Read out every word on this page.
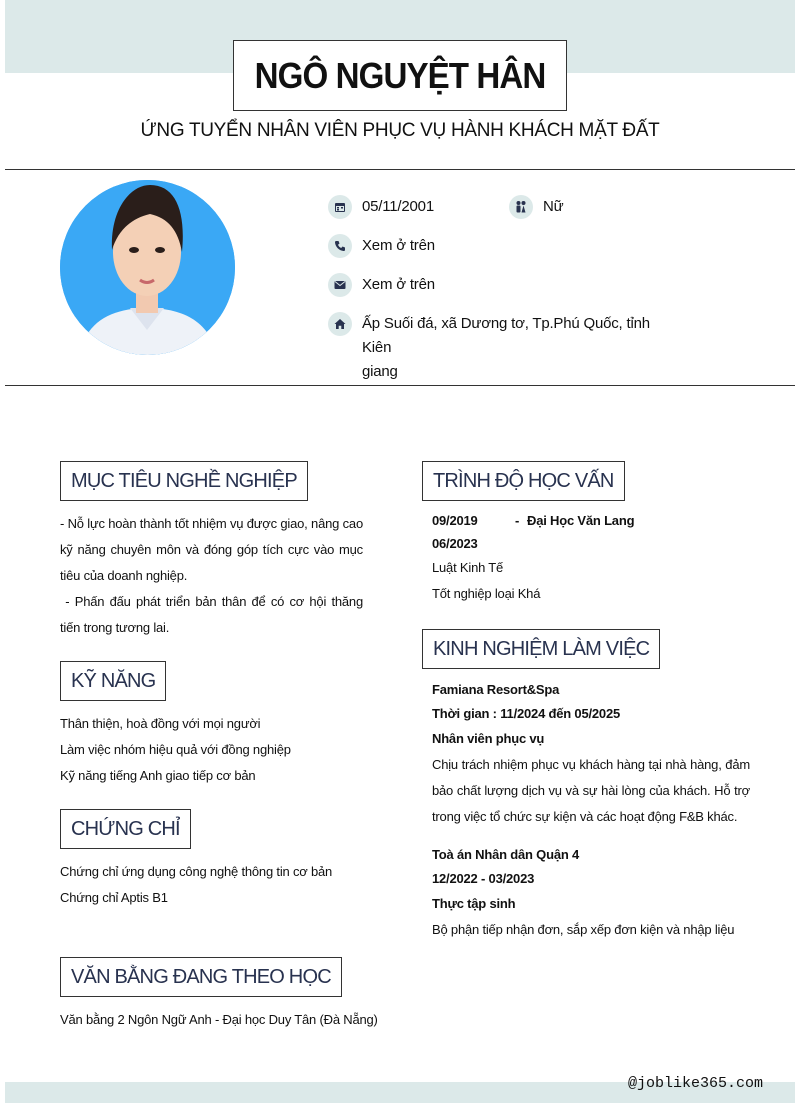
NGÔ NGUYỆT HÂN
ỨNG TUYỂN NHÂN VIÊN PHỤC VỤ HÀNH KHÁCH MẶT ĐẤT
05/11/2001	Nữ
Xem ở trên
Xem ở trên
Ấp Suối đá, xã Dương tơ, Tp.Phú Quốc, tỉnh Kiên
giang
MỤC TIÊU NGHỀ NGHIỆP
- Nỗ lực hoàn thành tốt nhiệm vụ được giao, nâng cao kỹ năng chuyên môn và đóng góp tích cực vào mục tiêu của doanh nghiệp.
- Phấn đấu phát triển bản thân để có cơ hội thăng tiến trong tương lai.
KỸ NĂNG
Thân thiện, hoà đồng với mọi người
Làm việc nhóm hiệu quả với đồng nghiệp
Kỹ năng tiếng Anh giao tiếp cơ bản
CHỨNG CHỈ
Chứng chỉ ứng dụng công nghệ thông tin cơ bản
Chứng chỉ Aptis B1
VĂN BẰNG ĐANG THEO HỌC
Văn bằng 2 Ngôn Ngữ Anh - Đại học Duy Tân (Đà Nẵng)
TRÌNH ĐỘ HỌC VẤN
09/2019	- Đại Học Văn Lang
06/2023
Luật Kinh Tế
Tốt nghiệp loại Khá
KINH NGHIỆM LÀM VIỆC
Famiana Resort&Spa
Thời gian : 11/2024 đến 05/2025
Nhân viên phục vụ
Chịu trách nhiệm phục vụ khách hàng tại nhà hàng, đảm bảo chất lượng dịch vụ và sự hài lòng của khách. Hỗ trợ trong việc tổ chức sự kiện và các hoạt động F&B khác.
Toà án Nhân dân Quận 4
12/2022 - 03/2023
Thực tập sinh
Bộ phận tiếp nhận đơn, sắp xếp đơn kiện và nhập liệu
@joblike365.com
